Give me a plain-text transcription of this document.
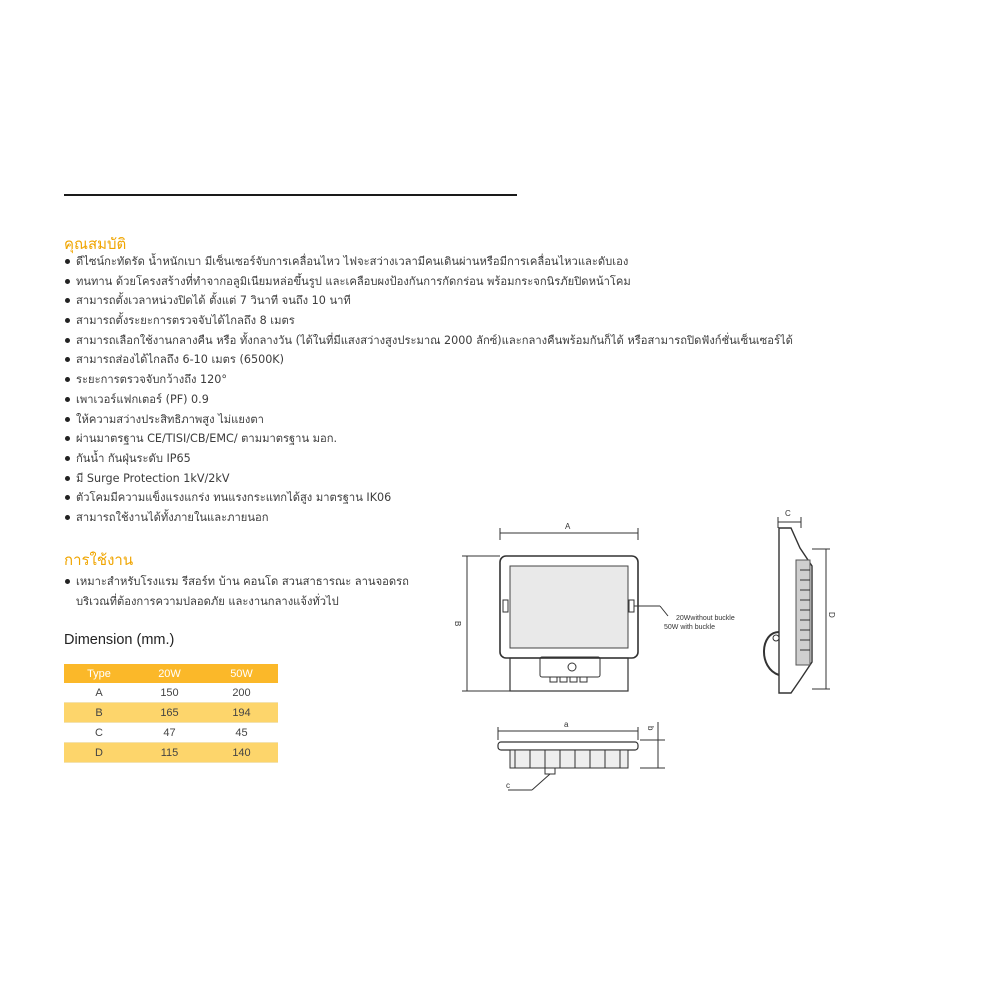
คุณสมบัติ
ดีไซน์กะทัดรัด น้ำหนักเบา มีเซ็นเซอร์จับการเคลื่อนไหว ไฟจะสว่างเวลามีคนเดินผ่านหรือมีการเคลื่อนไหวและดับเอง
ทนทาน ด้วยโครงสร้างที่ทำจากอลูมิเนียมหล่อขึ้นรูป และเคลือบผงป้องกันการกัดกร่อน พร้อมกระจกนิรภัยปิดหน้าโคม
สามารถตั้งเวลาหน่วงปิดได้ ตั้งแต่ 7 วินาที จนถึง 10 นาที
สามารถตั้งระยะการตรวจจับได้ไกลถึง 8 เมตร
สามารถเลือกใช้งานกลางคืน หรือ ทั้งกลางวัน (ได้ในที่มีแสงสว่างสูงประมาณ 2000 ลักซ์)และกลางคืนพร้อมกันก็ได้ หรือสามารถปิดฟังก์ชั่นเซ็นเซอร์ได้
สามารถส่องได้ไกลถึง 6-10 เมตร (6500K)
ระยะการตรวจจับกว้างถึง 120°
เพาเวอร์แฟกเตอร์ (PF) 0.9
ให้ความสว่างประสิทธิภาพสูง ไม่แยงตา
ผ่านมาตรฐาน CE/TISI/CB/EMC/ ตามมาตรฐาน มอก.
กันน้ำ กันฝุ่นระดับ IP65
มี Surge Protection 1kV/2kV
ตัวโคมมีความแข็งแรงแกร่ง ทนแรงกระแทกได้สูง มาตรฐาน IK06
สามารถใช้งานได้ทั้งภายในและภายนอก
การใช้งาน
เหมาะสำหรับโรงแรม รีสอร์ท บ้าน คอนโด สวนสาธารณะ ลานจอดรถ
บริเวณที่ต้องการความปลอดภัย และงานกลางแจ้งทั่วไป
Dimension (mm.)
Type	20W	50W
A	150	200
B	165	194
C	47	45
D	115	140
A
B
C
D
a	b
c
20Wwithout buckle
50W with buckle
